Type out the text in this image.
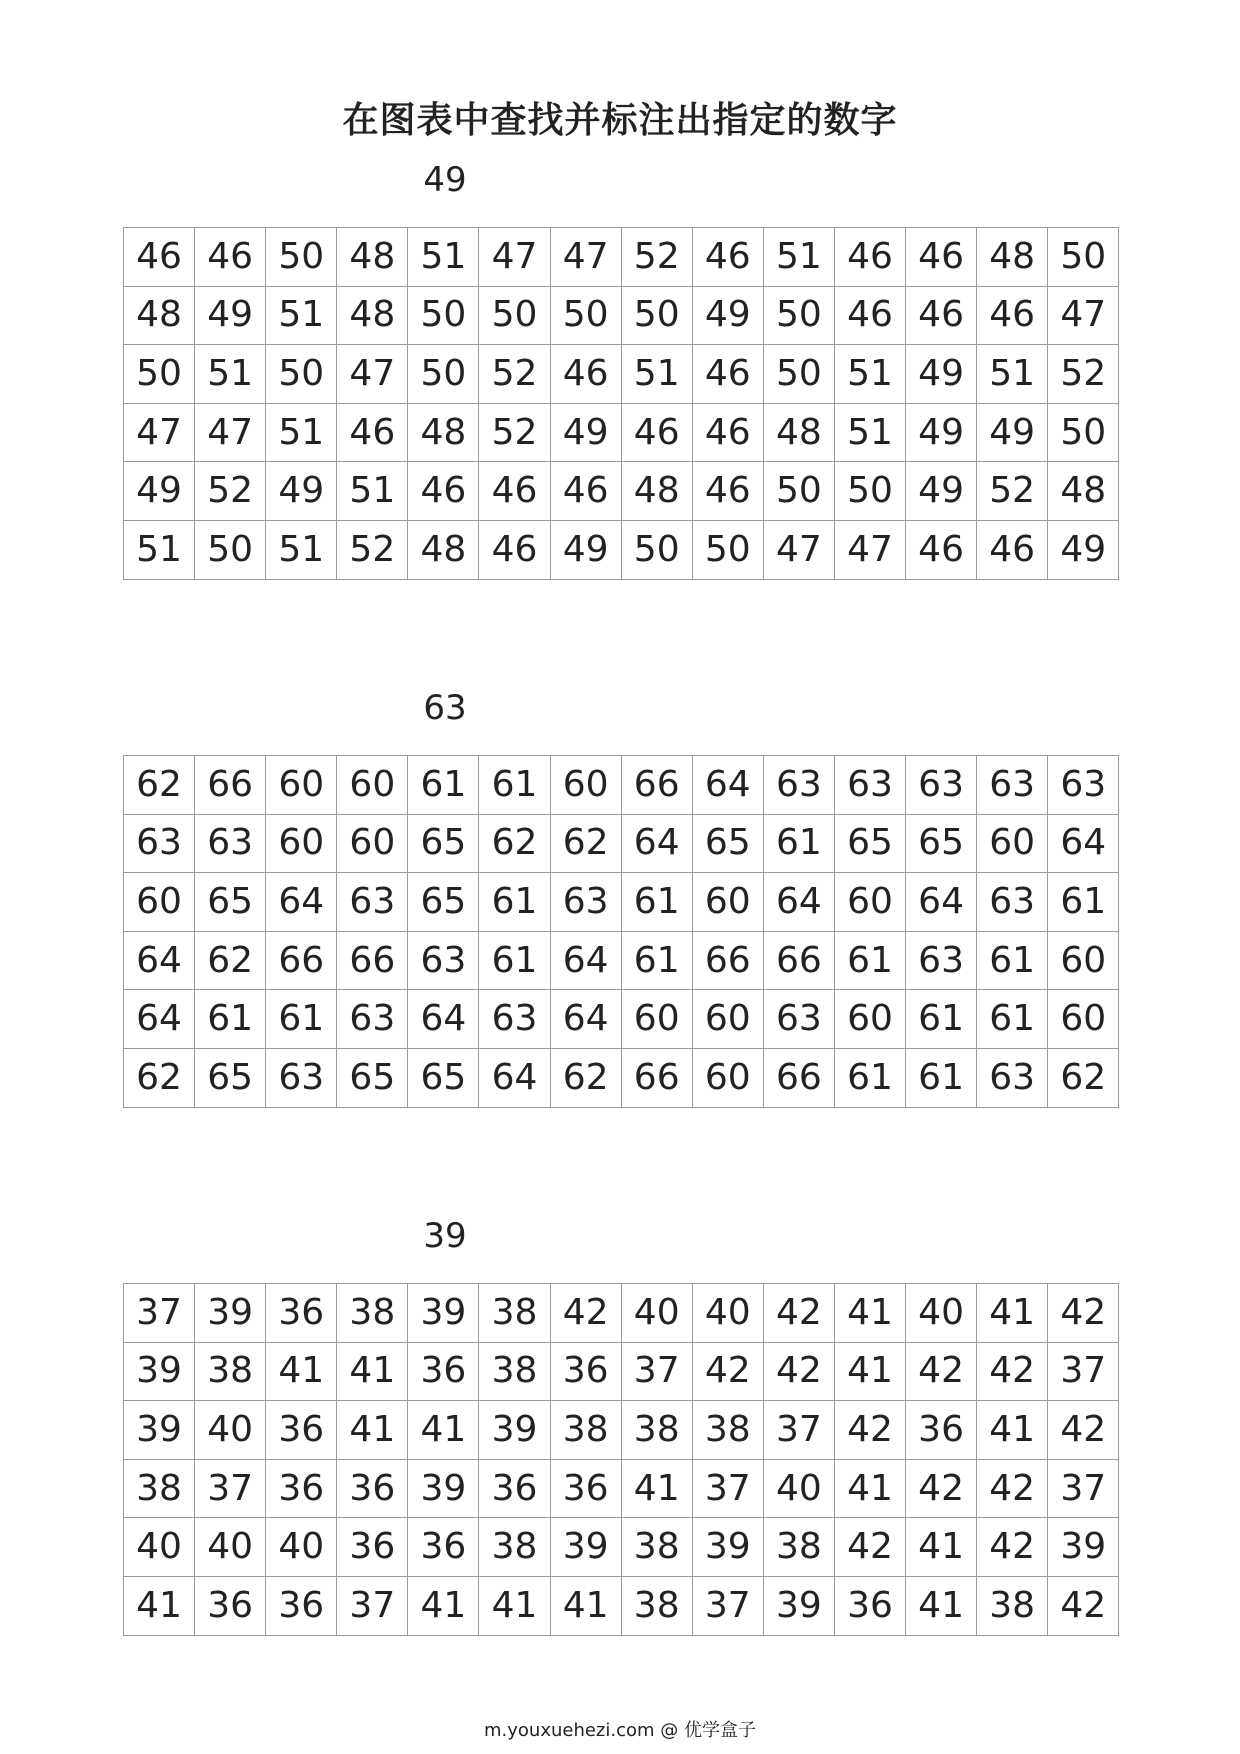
在图表中查找并标注出指定的数字
49
46	46	50	48	51	47	47	52	46	51	46	46	48	50
48	49	51	48	50	50	50	50	49	50	46	46	46	47
50	51	50	47	50	52	46	51	46	50	51	49	51	52
47	47	51	46	48	52	49	46	46	48	51	49	49	50
49	52	49	51	46	46	46	48	46	50	50	49	52	48
51	50	51	52	48	46	49	50	50	47	47	46	46	49
63
62	66	60	60	61	61	60	66	64	63	63	63	63	63
63	63	60	60	65	62	62	64	65	61	65	65	60	64
60	65	64	63	65	61	63	61	60	64	60	64	63	61
64	62	66	66	63	61	64	61	66	66	61	63	61	60
64	61	61	63	64	63	64	60	60	63	60	61	61	60
62	65	63	65	65	64	62	66	60	66	61	61	63	62
39
37	39	36	38	39	38	42	40	40	42	41	40	41	42
39	38	41	41	36	38	36	37	42	42	41	42	42	37
39	40	36	41	41	39	38	38	38	37	42	36	41	42
38	37	36	36	39	36	36	41	37	40	41	42	42	37
40	40	40	36	36	38	39	38	39	38	42	41	42	39
41	36	36	37	41	41	41	38	37	39	36	41	38	42
m.youxuehezi.com @ 优学盒子
